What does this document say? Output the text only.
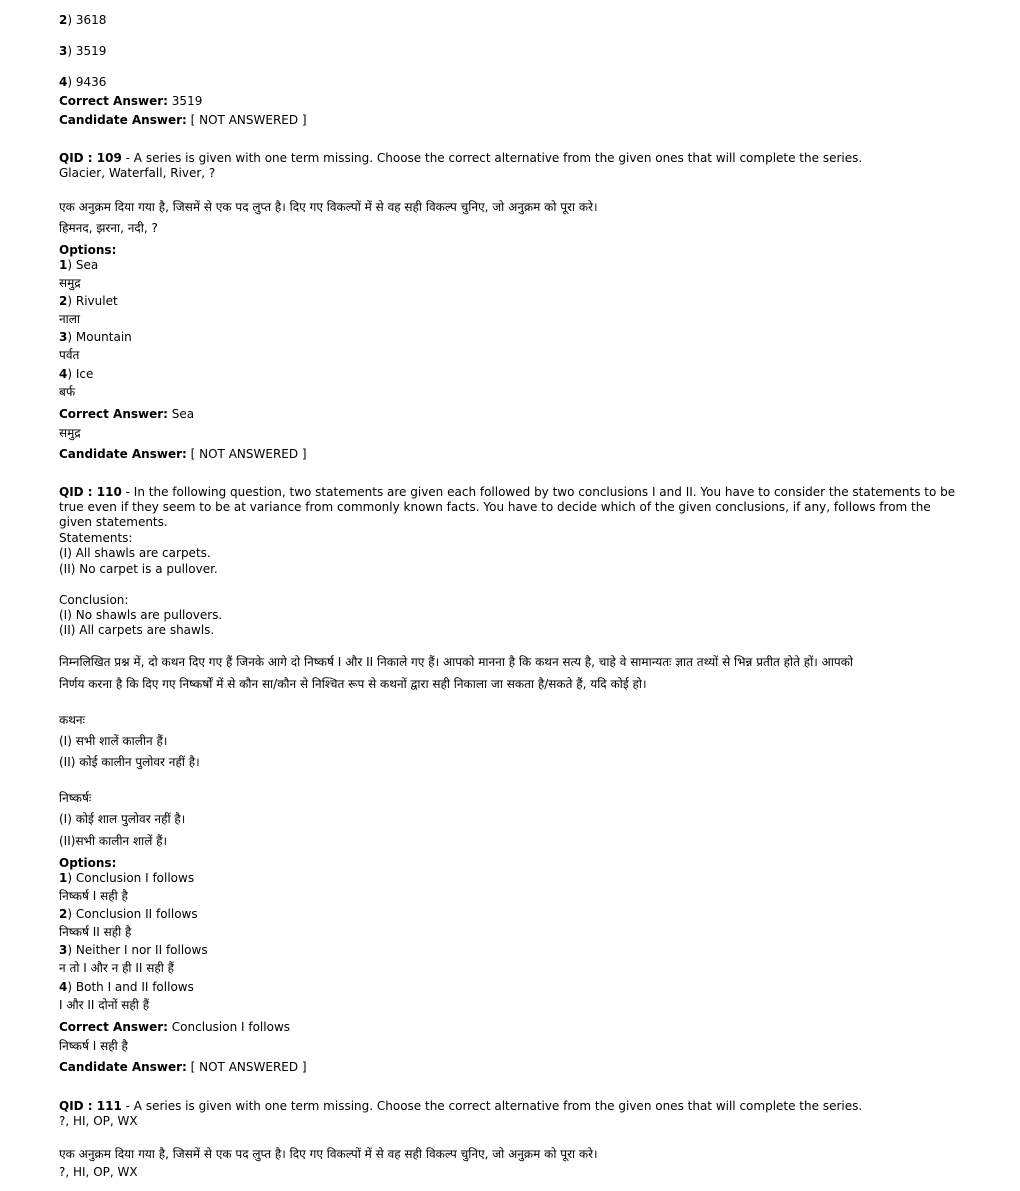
2) 3618
3) 3519
4) 9436
Correct Answer: 3519
Candidate Answer: [ NOT ANSWERED ]
QID : 109 - A series is given with one term missing. Choose the correct alternative from the given ones that will complete the series.
Glacier, Waterfall, River, ?
एक अनुक्रम दिया गया है, जिसमें से एक पद लुप्त है। दिए गए विकल्पों में से वह सही विकल्प चुनिए, जो अनुक्रम को पूरा करे।
हिमनद, झरना, नदी, ?
Options:
1) Sea
समुद्र
2) Rivulet
नाला
3) Mountain
पर्वत
4) Ice
बर्फ
Correct Answer: Sea
समुद्र
Candidate Answer: [ NOT ANSWERED ]
QID : 110 - In the following question, two statements are given each followed by two conclusions I and II. You have to consider the statements to be true even if they seem to be at variance from commonly known facts. You have to decide which of the given conclusions, if any, follows from the given statements.
Statements:
(I) All shawls are carpets.
(II) No carpet is a pullover.
Conclusion:
(I) No shawls are pullovers.
(II) All carpets are shawls.
निम्नलिखित प्रश्न में, दो कथन दिए गए हैं जिनके आगे दो निष्कर्ष I और II निकाले गए हैं। आपको मानना है कि कथन सत्य है, चाहे वे सामान्यतः ज्ञात तथ्यों से भिन्न प्रतीत होते हों। आपको
निर्णय करना है कि दिए गए निष्कर्षों में से कौन सा/कौन से निश्चित रूप से कथनों द्वारा सही निकाला जा सकता है/सकते हैं, यदि कोई हो।
कथनः
(I) सभी शालें कालीन हैं।
(II) कोई कालीन पुलोवर नहीं है।
निष्कर्षः
(I) कोई शाल पुलोवर नहीं है।
(II)सभी कालीन शालें हैं।
Options:
1) Conclusion I follows
निष्कर्ष I सही है
2) Conclusion II follows
निष्कर्ष II सही है
3) Neither I nor II follows
न तो I और न ही II सही हैं
4) Both I and II follows
I और II दोनों सही हैं
Correct Answer: Conclusion I follows
निष्कर्ष I सही है
Candidate Answer: [ NOT ANSWERED ]
QID : 111 - A series is given with one term missing. Choose the correct alternative from the given ones that will complete the series.
?, HI, OP, WX
एक अनुक्रम दिया गया है, जिसमें से एक पद लुप्त है। दिए गए विकल्पों में से वह सही विकल्प चुनिए, जो अनुक्रम को पूरा करे।
?, HI, OP, WX
